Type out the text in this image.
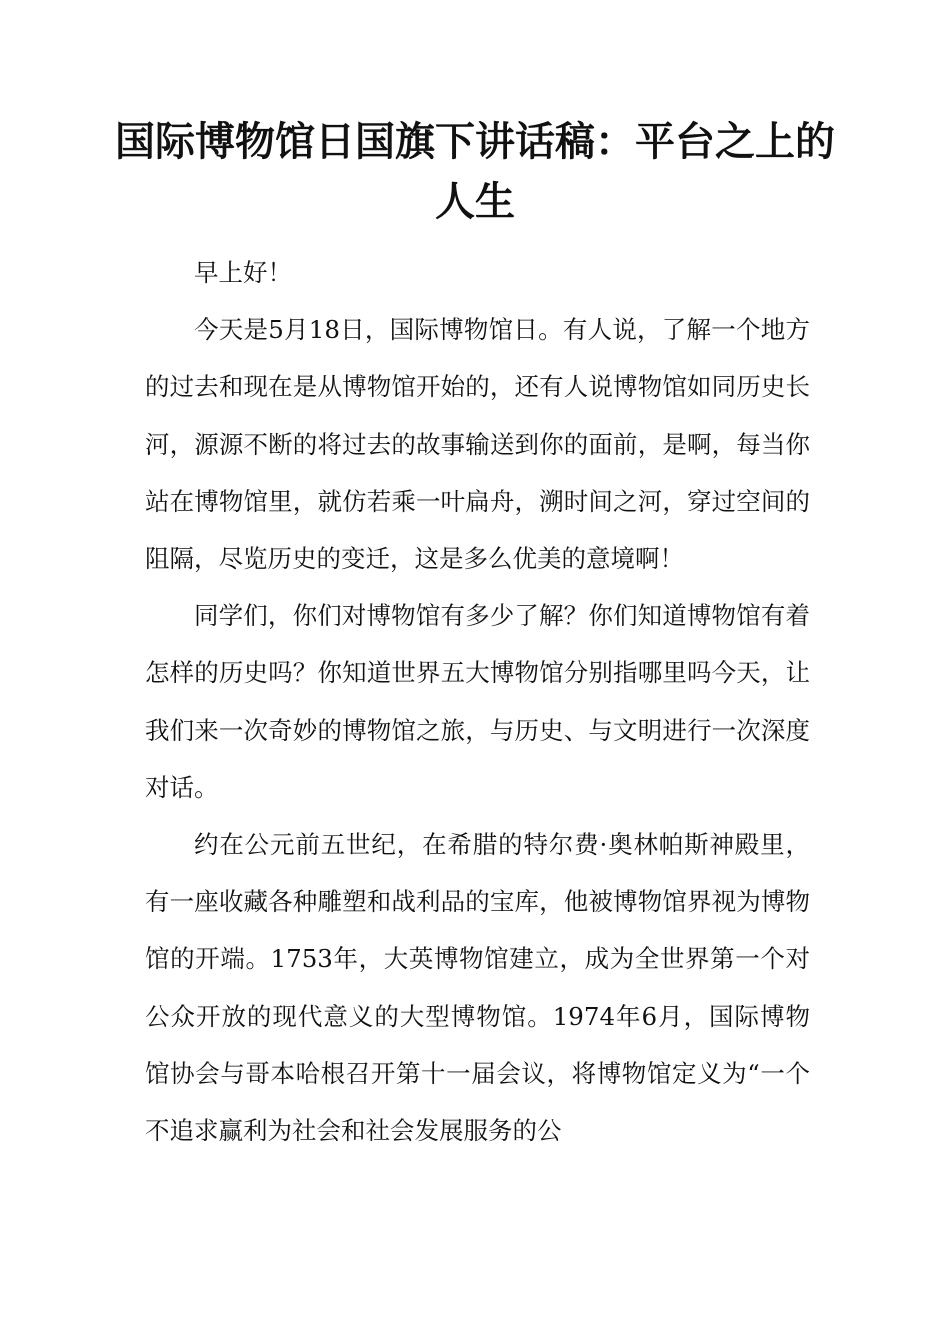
国际博物馆日国旗下讲话稿：平台之上的人生

早上好！

今天是5月18日，国际博物馆日。有人说，了解一个地方的过去和现在是从博物馆开始的，还有人说博物馆如同历史长河，源源不断的将过去的故事输送到你的面前，是啊，每当你站在博物馆里，就仿若乘一叶扁舟，溯时间之河，穿过空间的阻隔，尽览历史的变迁，这是多么优美的意境啊！

同学们，你们对博物馆有多少了解？你们知道博物馆有着怎样的历史吗？你知道世界五大博物馆分别指哪里吗今天，让我们来一次奇妙的博物馆之旅，与历史、与文明进行一次深度对话。

约在公元前五世纪，在希腊的特尔费·奥林帕斯神殿里，有一座收藏各种雕塑和战利品的宝库，他被博物馆界视为博物馆的开端。1753年，大英博物馆建立，成为全世界第一个对公众开放的现代意义的大型博物馆。1974年6月，国际博物馆协会与哥本哈根召开第十一届会议，将博物馆定义为“一个不追求赢利为社会和社会发展服务的公
